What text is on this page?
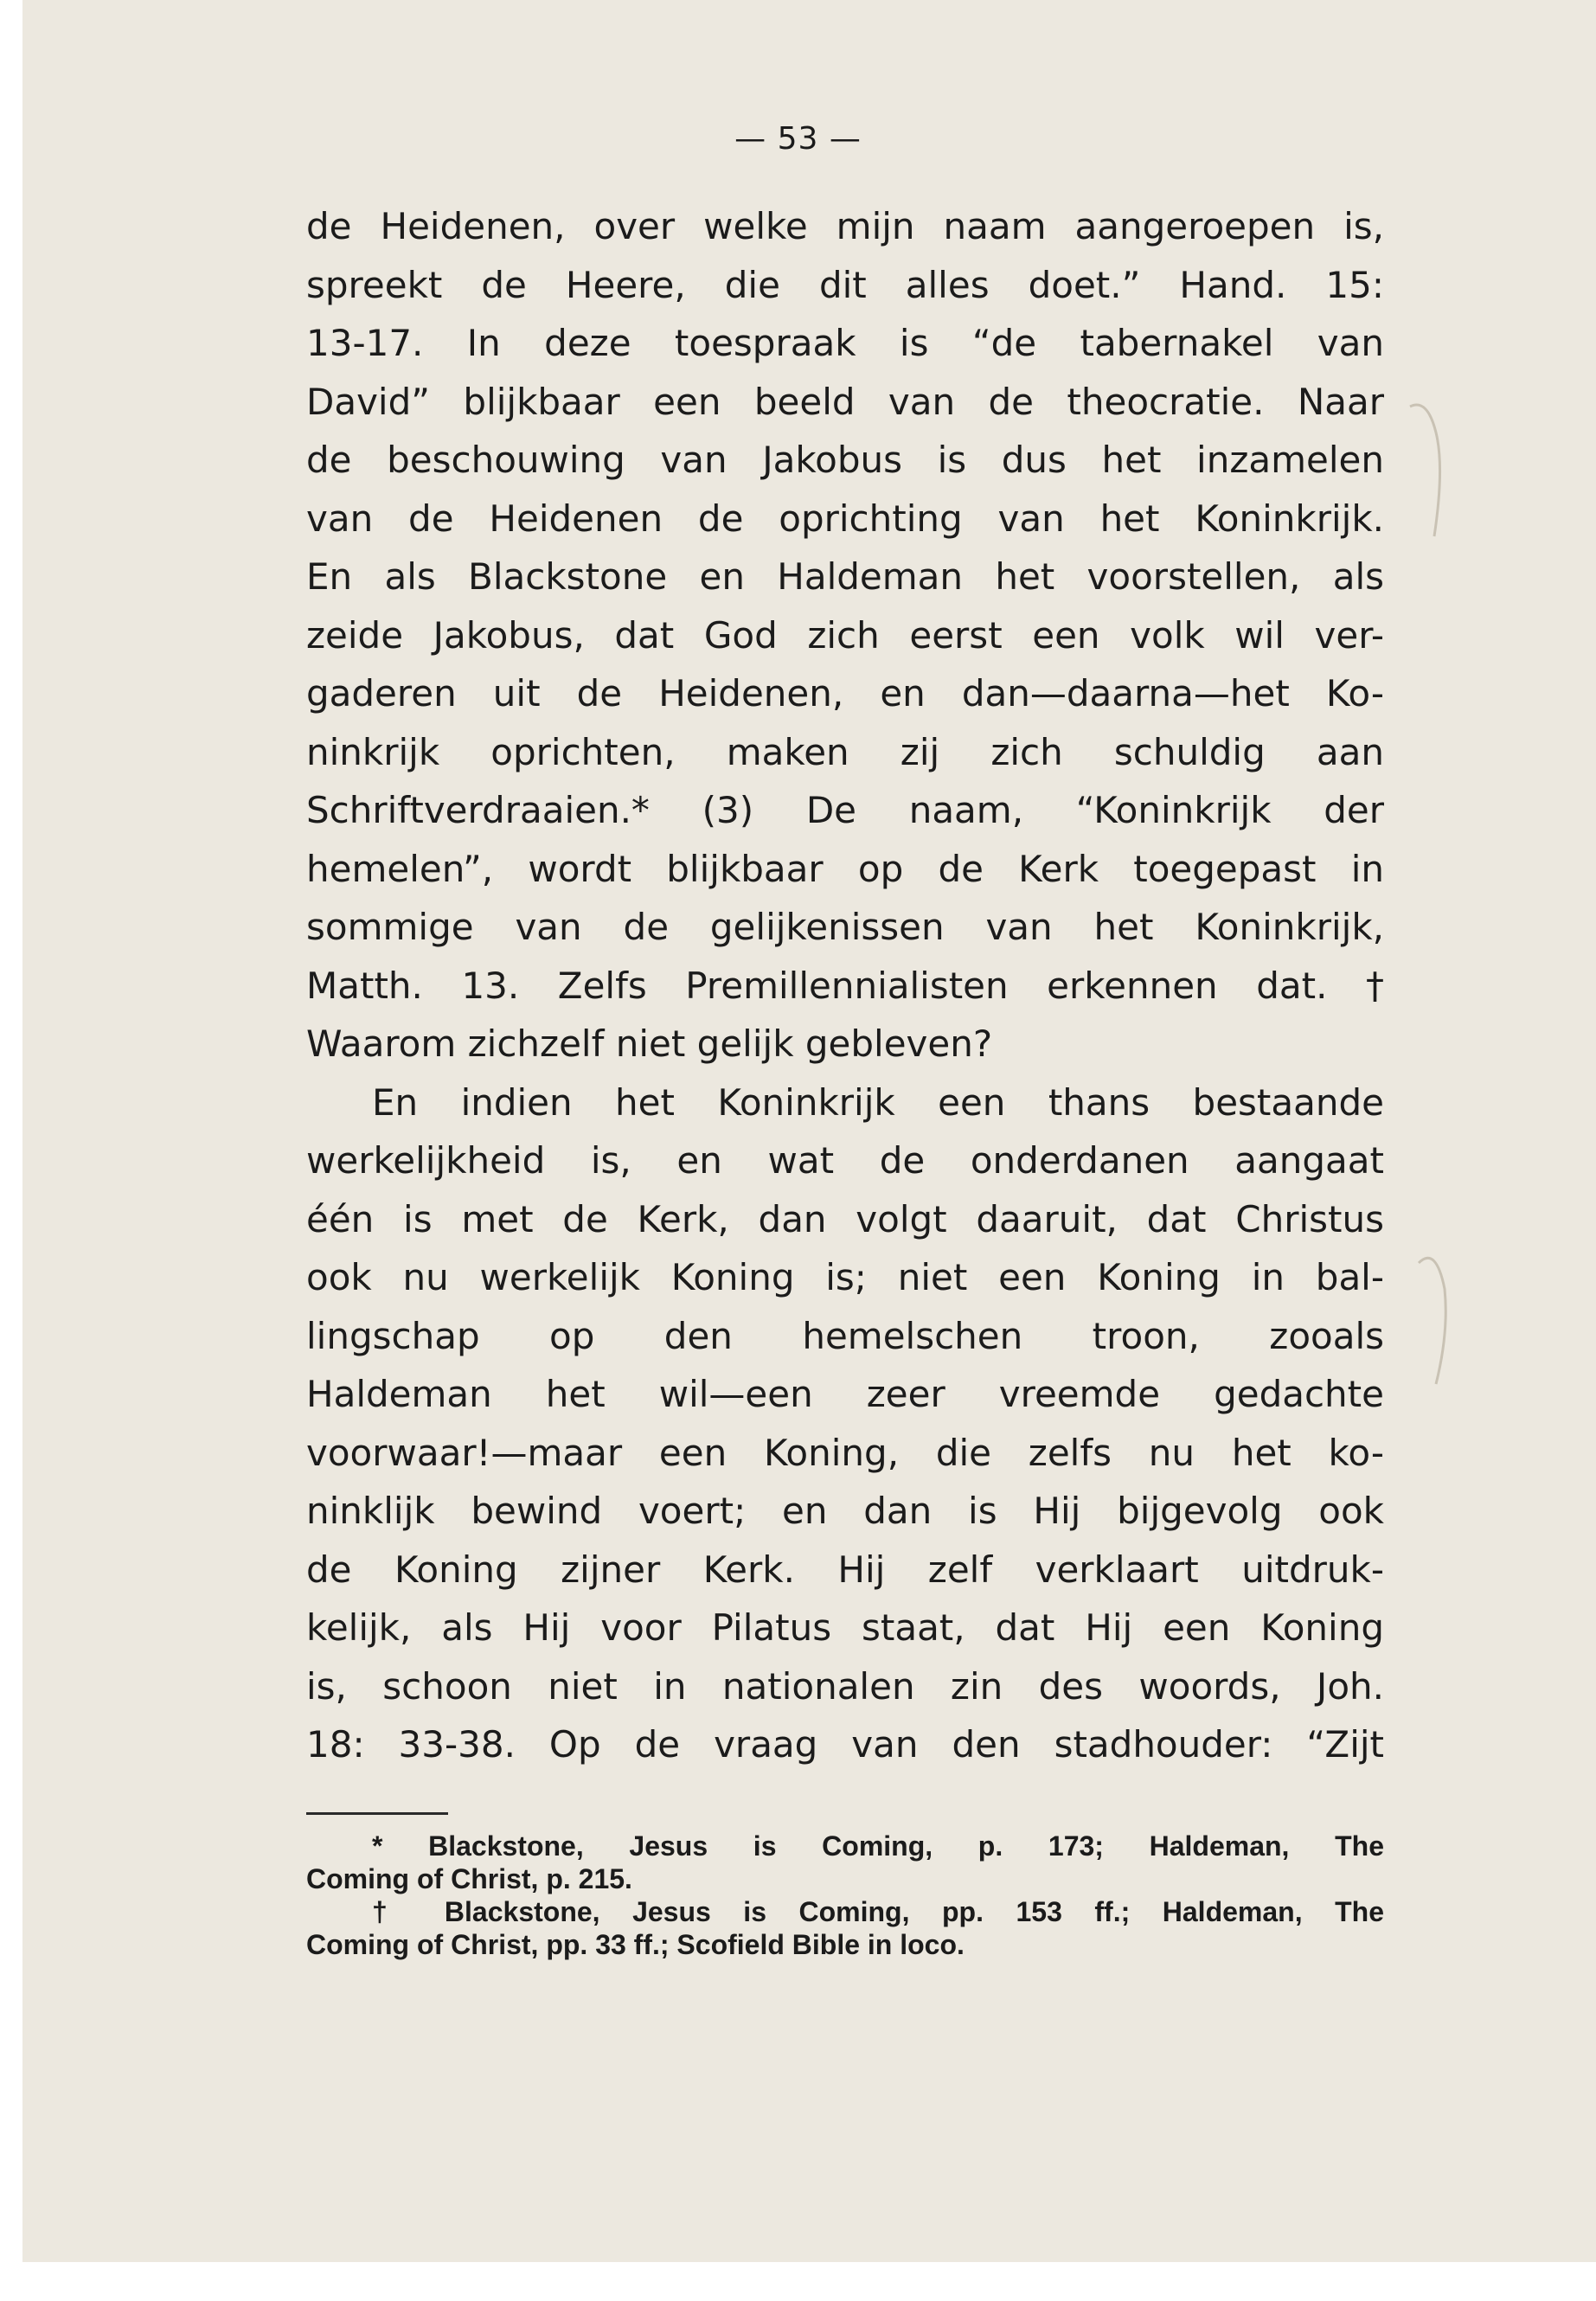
— 53 —
de Heidenen, over welke mijn naam aangeroepen is,
spreekt de Heere, die dit alles doet.” Hand. 15:
13-17. In deze toespraak is “de tabernakel van
David” blijkbaar een beeld van de theocratie. Naar
de beschouwing van Jakobus is dus het inzamelen
van de Heidenen de oprichting van het Koninkrijk.
En als Blackstone en Haldeman het voorstellen, als
zeide Jakobus, dat God zich eerst een volk wil ver-
gaderen uit de Heidenen, en dan—daarna—het Ko-
ninkrijk oprichten, maken zij zich schuldig aan
Schriftverdraaien.* (3) De naam, “Koninkrijk der
hemelen”, wordt blijkbaar op de Kerk toegepast in
sommige van de gelijkenissen van het Koninkrijk,
Matth. 13. Zelfs Premillennialisten erkennen dat. †
Waarom zichzelf niet gelijk gebleven?
En indien het Koninkrijk een thans bestaande
werkelijkheid is, en wat de onderdanen aangaat
één is met de Kerk, dan volgt daaruit, dat Christus
ook nu werkelijk Koning is; niet een Koning in bal-
lingschap op den hemelschen troon, zooals
Haldeman het wil—een zeer vreemde gedachte
voorwaar!—maar een Koning, die zelfs nu het ko-
ninklijk bewind voert; en dan is Hij bijgevolg ook
de Koning zijner Kerk. Hij zelf verklaart uitdruk-
kelijk, als Hij voor Pilatus staat, dat Hij een Koning
is, schoon niet in nationalen zin des woords, Joh.
18: 33-38. Op de vraag van den stadhouder: “Zijt
* Blackstone, Jesus is Coming, p. 173; Haldeman, The
Coming of Christ, p. 215.
† Blackstone, Jesus is Coming, pp. 153 ff.; Haldeman, The
Coming of Christ, pp. 33 ff.; Scofield Bible in loco.
